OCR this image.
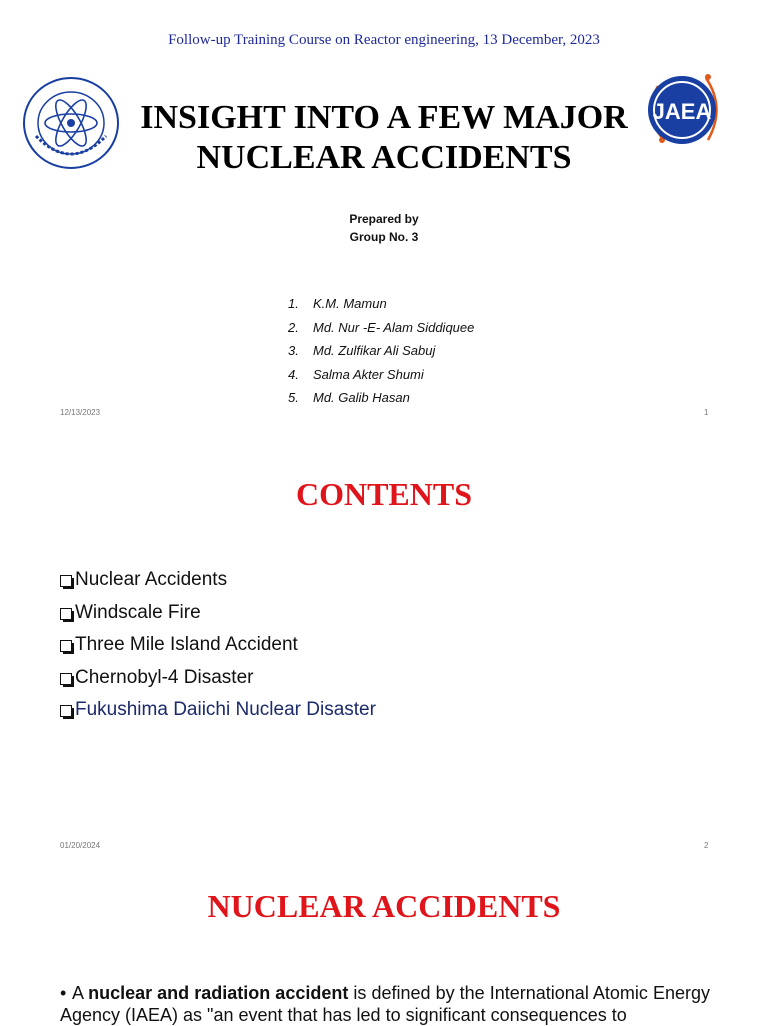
Follow-up Training Course on Reactor engineering, 13 December, 2023
INSIGHT INTO A FEW MAJOR
NUCLEAR ACCIDENTS
JAEA
Prepared by
Group No. 3
1.	K.M. Mamun
2.	Md. Nur -E- Alam Siddiquee
3.	Md. Zulfikar Ali Sabuj
4.	Salma Akter Shumi
5.	Md. Galib Hasan
12/13/2023	1
CONTENTS
Nuclear Accidents
Windscale Fire
Three Mile Island Accident
Chernobyl-4 Disaster
Fukushima Daiichi Nuclear Disaster
01/20/2024	2
NUCLEAR ACCIDENTS
• A nuclear and radiation accident is defined by the International Atomic Energy Agency (IAEA) as "an event that has led to significant consequences to
